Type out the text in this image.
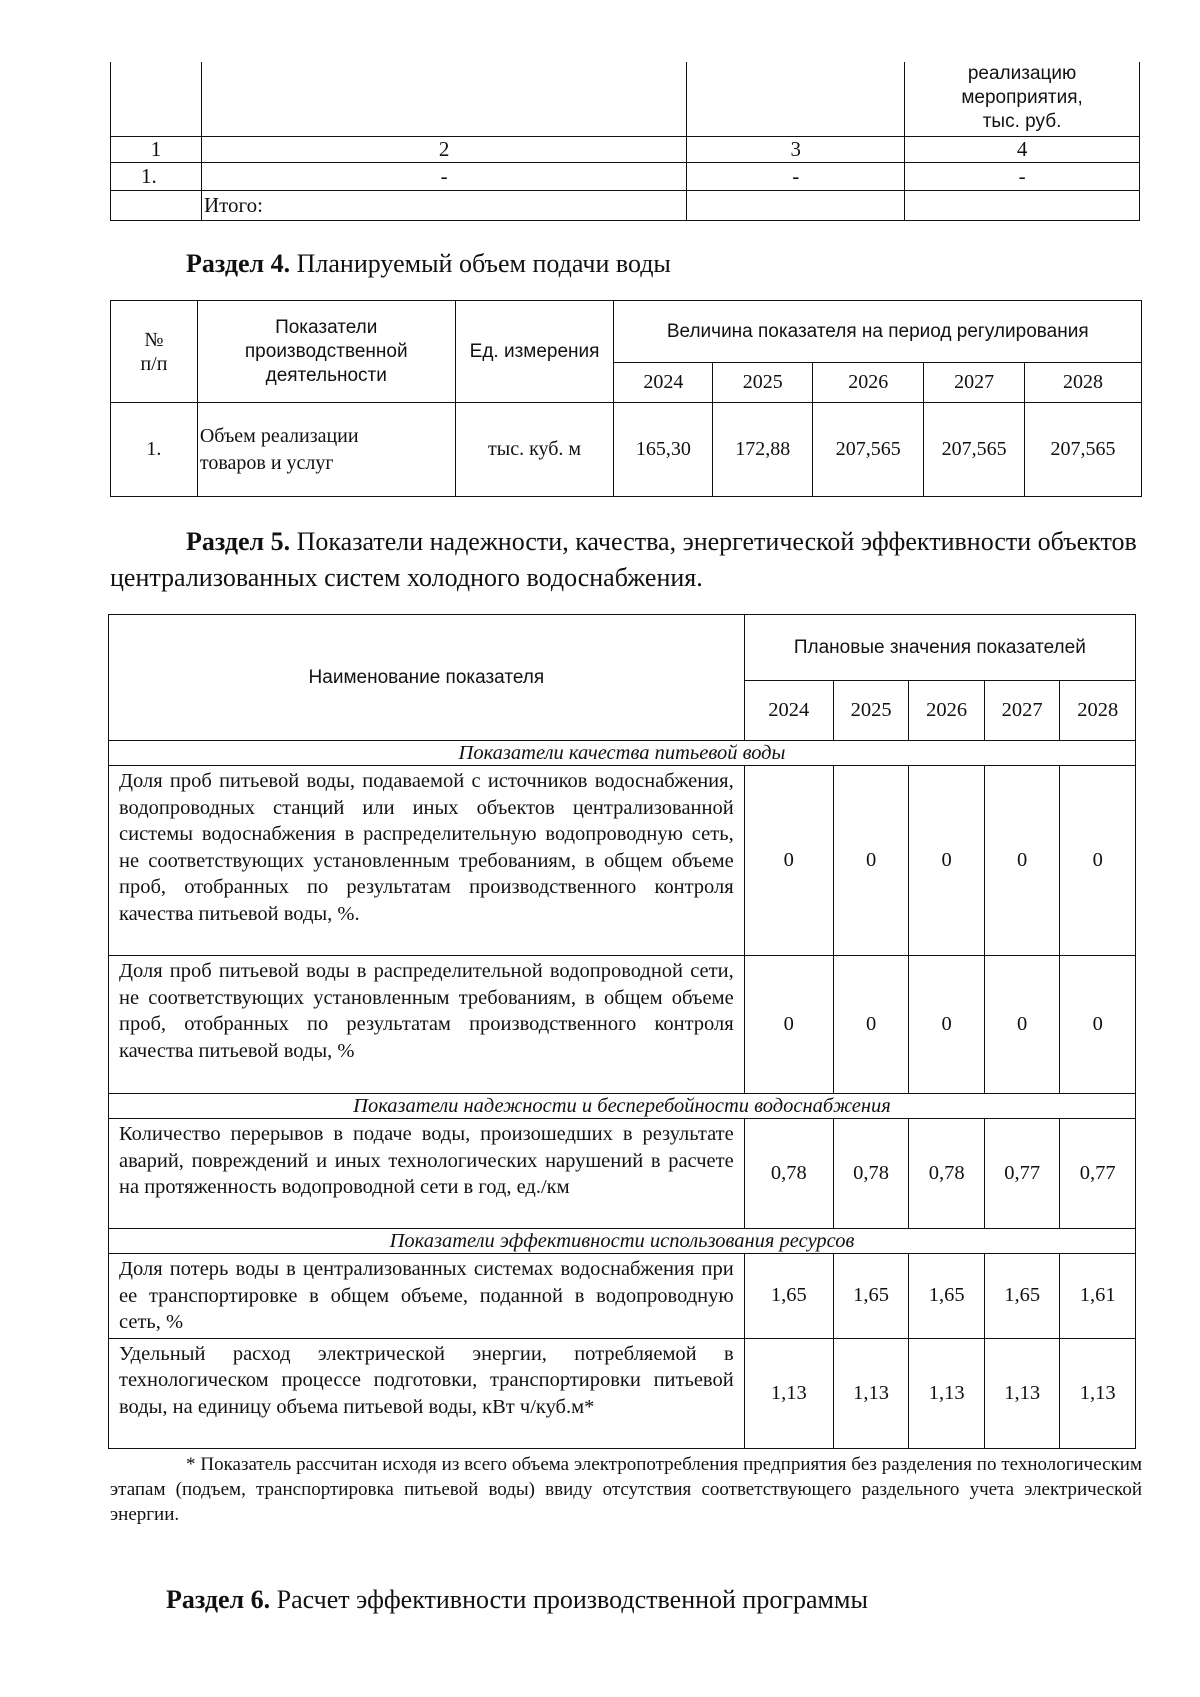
			реализацию мероприятия,
тыс. руб.
1	2	3	4
1.	-	-	-
	Итого:		

Раздел 4. Планируемый объем подачи воды

№
п/п	Показатели
производственной
деятельности	Ед. измерения	Величина показателя на период регулирования				
			2024	2025	2026	2027	2028
1.	Объем реализации
товаров и услуг	тыс. куб. м	165,30	172,88	207,565	207,565	207,565

Раздел 5. Показатели надежности, качества, энергетической эффективности объектов
централизованных систем холодного водоснабжения.

Наименование показателя	Плановые значения показателей				
	2024	2025	2026	2027	2028
Показатели качества питьевой воды					
Доля проб питьевой воды, подаваемой с источников водоснабжения, водопроводных станций или иных объектов централизованной системы водоснабжения в распределительную водопроводную сеть, не соответствующих установленным требованиям, в общем объеме проб, отобранных по результатам производственного контроля качества питьевой воды, %.	0	0	0	0	0
Доля проб питьевой воды в распределительной водопроводной сети, не соответствующих установленным требованиям, в общем объеме проб, отобранных по результатам производственного контроля качества питьевой воды, %	0	0	0	0	0
Показатели надежности и бесперебойности водоснабжения					
Количество перерывов в подаче воды, произошедших в результате аварий, повреждений и иных технологических нарушений в расчете на протяженность водопроводной сети в год, ед./км	0,78	0,78	0,78	0,77	0,77
Показатели эффективности использования ресурсов					
Доля потерь воды в централизованных системах водоснабжения при ее транспортировке в общем объеме, поданной в водопроводную сеть, %	1,65	1,65	1,65	1,65	1,61
Удельный расход электрической энергии, потребляемой в технологическом процессе подготовки, транспортировки питьевой воды, на единицу объема питьевой воды, кВт ч/куб.м*	1,13	1,13	1,13	1,13	1,13

* Показатель рассчитан исходя из всего объема электропотребления предприятия без разделения по технологическим этапам (подъем, транспортировка питьевой воды) ввиду отсутствия соответствующего раздельного учета электрической энергии.

Раздел 6. Расчет эффективности производственной программы
